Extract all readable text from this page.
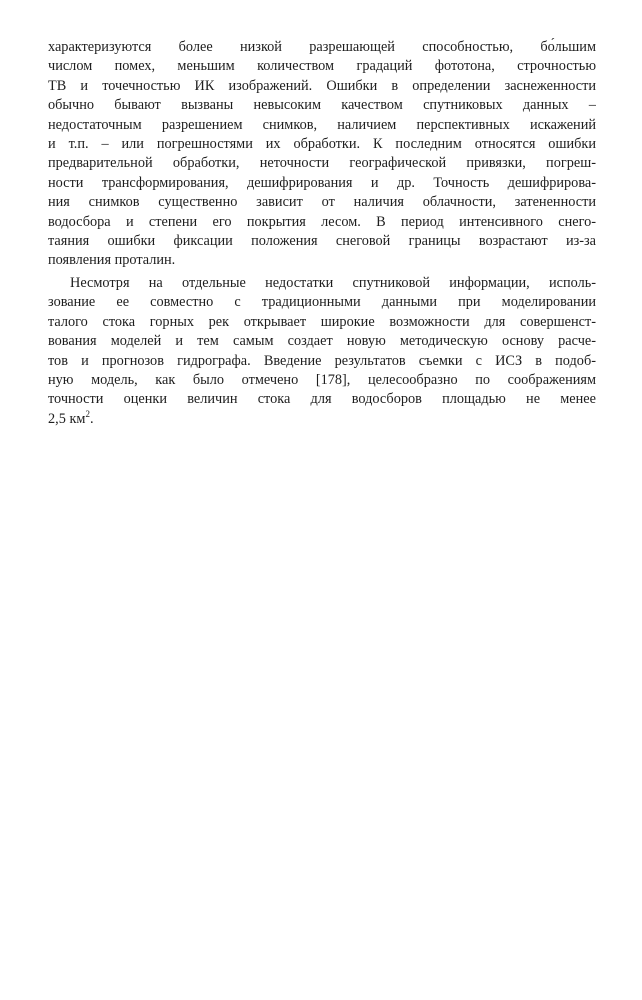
характеризуются более низкой разрешающей способностью, бо́льшим
числом помех, меньшим количеством градаций фототона, строчностью
ТВ и точечностью ИК изображений. Ошибки в определении заснеженности
обычно бывают вызваны невысоким качеством спутниковых данных –
недостаточным разрешением снимков, наличием перспективных искажений
и т.п. – или погрешностями их обработки. К последним относятся ошибки
предварительной обработки, неточности географической привязки, погреш-
ности трансформирования, дешифрирования и др. Точность дешифрирова-
ния снимков существенно зависит от наличия облачности, затененности
водосбора и степени его покрытия лесом. В период интенсивного снего-
таяния ошибки фиксации положения снеговой границы возрастают из-за
появления проталин.

Несмотря на отдельные недостатки спутниковой информации, исполь-
зование ее совместно с традиционными данными при моделировании
талого стока горных рек открывает широкие возможности для совершенст-
вования моделей и тем самым создает новую методическую основу расче-
тов и прогнозов гидрографа. Введение результатов съемки с ИСЗ в подоб-
ную модель, как было отмечено [178], целесообразно по соображениям
точности оценки величин стока для водосборов площадью не менее
2,5 $км^2$.
